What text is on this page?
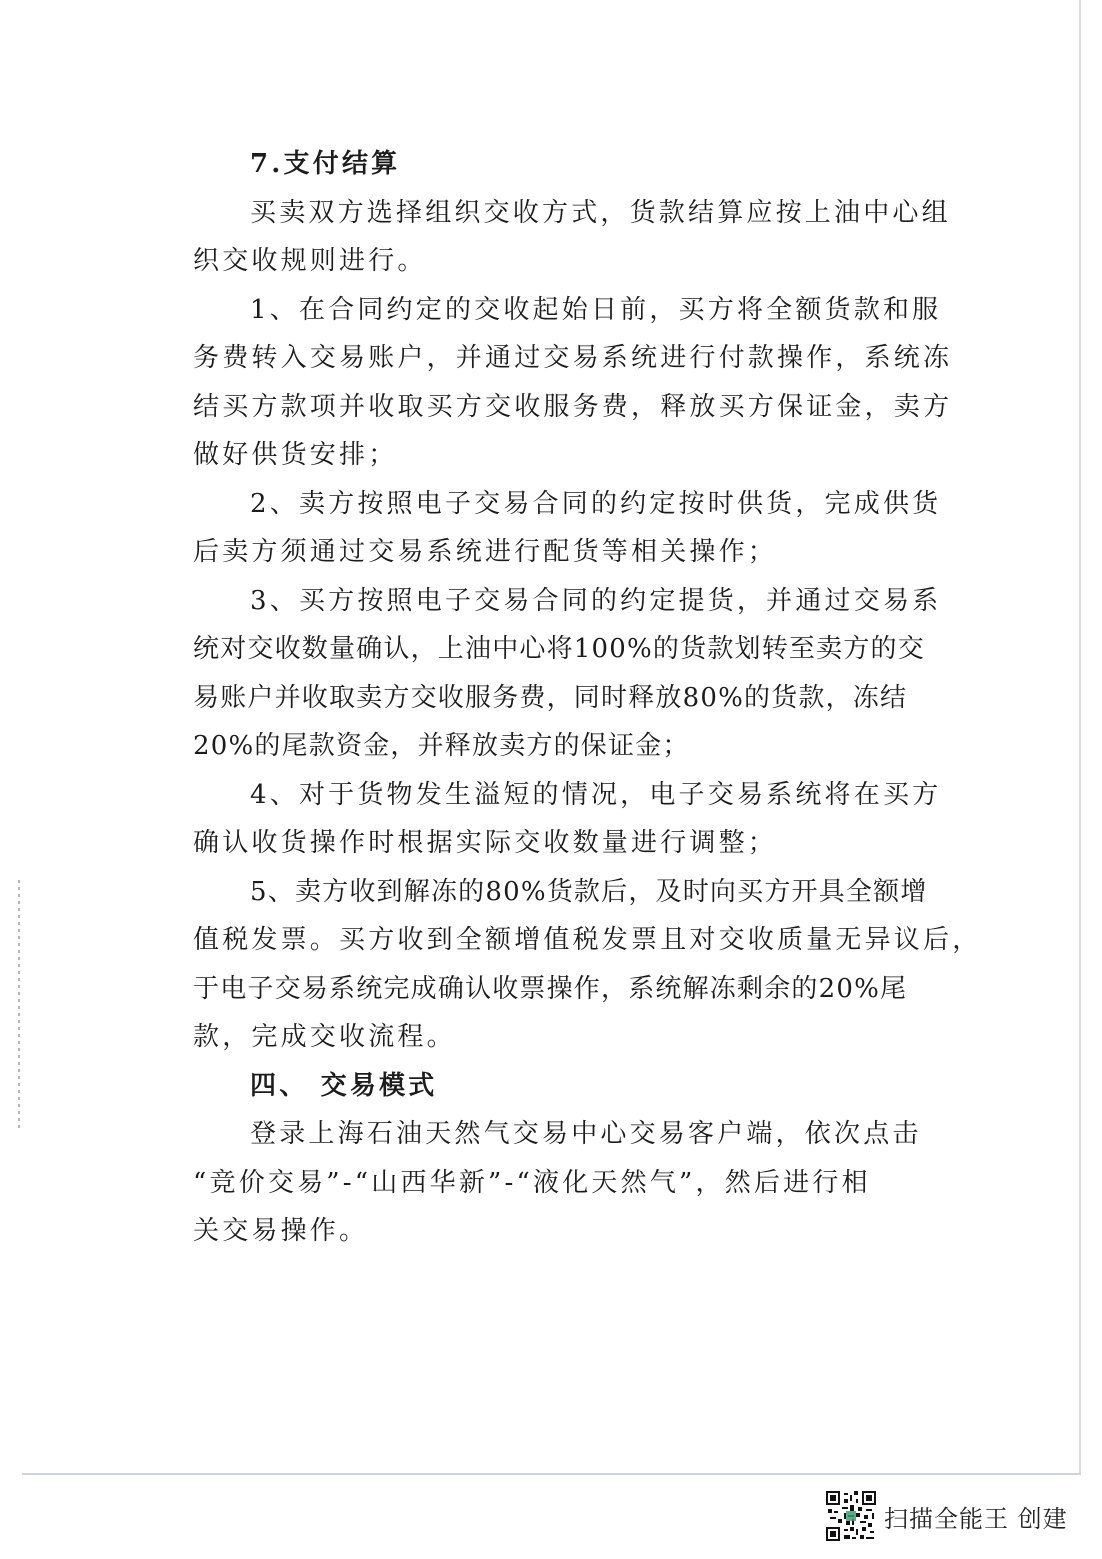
7.支付结算
买卖双方选择组织交收方式，货款结算应按上油中心组
织交收规则进行。
1、在合同约定的交收起始日前，买方将全额货款和服
务费转入交易账户，并通过交易系统进行付款操作，系统冻
结买方款项并收取买方交收服务费，释放买方保证金，卖方
做好供货安排；
2、卖方按照电子交易合同的约定按时供货，完成供货
后卖方须通过交易系统进行配货等相关操作；
3、买方按照电子交易合同的约定提货，并通过交易系
统对交收数量确认，上油中心将100%的货款划转至卖方的交
易账户并收取卖方交收服务费，同时释放80%的货款，冻结
20%的尾款资金，并释放卖方的保证金；
4、对于货物发生溢短的情况，电子交易系统将在买方
确认收货操作时根据实际交收数量进行调整；
5、卖方收到解冻的80%货款后，及时向买方开具全额增
值税发票。买方收到全额增值税发票且对交收质量无异议后，
于电子交易系统完成确认收票操作，系统解冻剩余的20%尾
款，完成交收流程。
四、 交易模式
登录上海石油天然气交易中心交易客户端，依次点击
“竞价交易”-“山西华新”-“液化天然气”，然后进行相
关交易操作。
扫描全能王 创建
